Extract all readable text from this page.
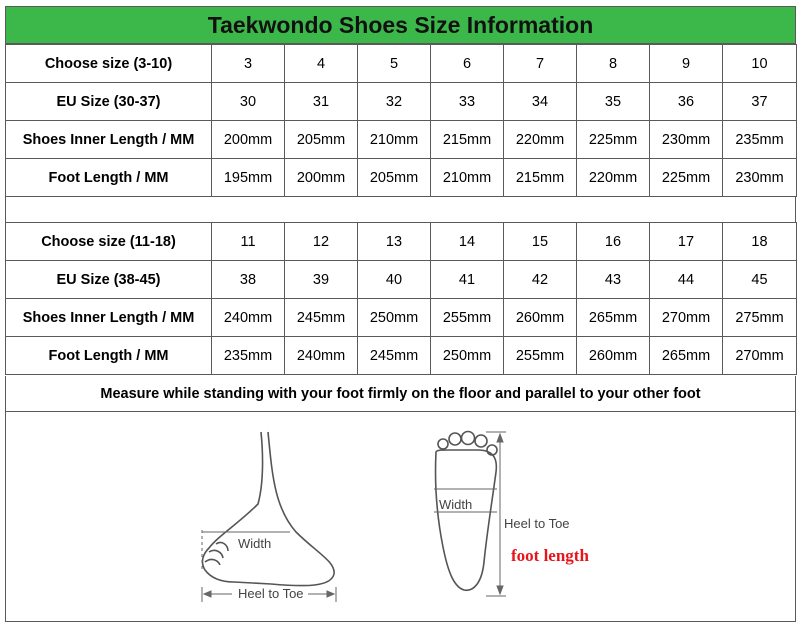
Taekwondo Shoes Size Information
Choose size (3-10)	3	4	5	6	7	8	9	10
EU Size (30-37)	30	31	32	33	34	35	36	37
Shoes Inner Length / MM	200mm	205mm	210mm	215mm	220mm	225mm	230mm	235mm
Foot Length / MM	195mm	200mm	205mm	210mm	215mm	220mm	225mm	230mm
Choose size (11-18)	11	12	13	14	15	16	17	18
EU Size (38-45)	38	39	40	41	42	43	44	45
Shoes Inner Length / MM	240mm	245mm	250mm	255mm	260mm	265mm	270mm	275mm
Foot Length / MM	235mm	240mm	245mm	250mm	255mm	260mm	265mm	270mm
Measure while standing with your foot firmly on the floor and parallel to your other foot
Width
Heel to Toe
Width
Heel to Toe
foot length
